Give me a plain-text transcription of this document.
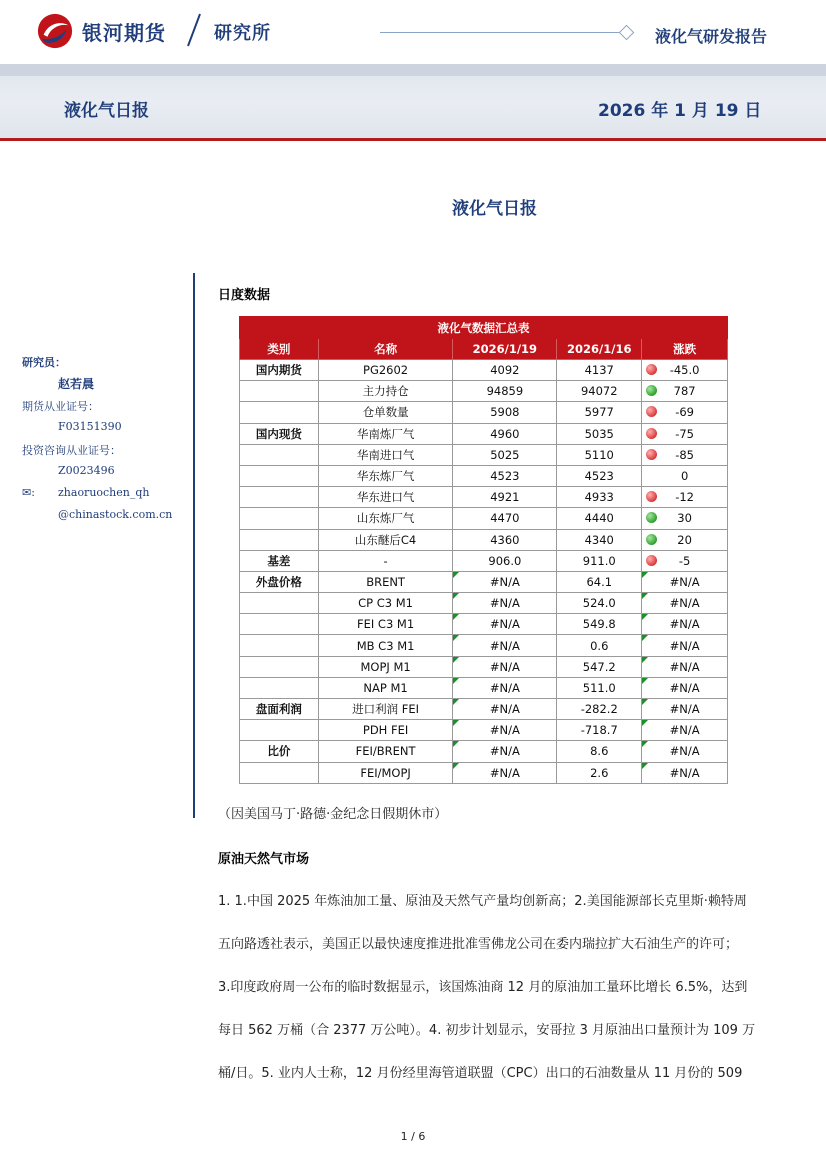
银河期货	研究所	液化气研发报告
液化气日报	2026 年 1 月 19 日
液化气日报
研究员：
赵若晨
期货从业证号：
F03151390
投资咨询从业证号：
Z0023496
✉: zhaoruochen_qh
@chinastock.com.cn
日度数据
液化气数据汇总表				
类别	名称	2026/1/19	2026/1/16	涨跌
国内期货	PG2602	4092	4137	-45.0

	主力持仓	94859	94072	787

	仓单数量	5908	5977	-69

国内现货	华南炼厂气	4960	5035	-75

	华南进口气	5025	5110	-85

	华东炼厂气	4523	4523	0
	华东进口气	4921	4933	-12

	山东炼厂气	4470	4440	30

	山东醚后C4	4360	4340	20

基差	-	906.0	911.0	-5

外盘价格	BRENT	#N/A	64.1	#N/A

	CP C3 M1	#N/A	524.0	#N/A

	FEI C3 M1	#N/A	549.8	#N/A

	MB C3 M1	#N/A	0.6	#N/A

	MOPJ M1	#N/A	547.2	#N/A

	NAP M1	#N/A	511.0	#N/A

盘面利润	进口利润 FEI	#N/A	-282.2	#N/A

	PDH FEI	#N/A	-718.7	#N/A

比价	FEI/BRENT	#N/A	8.6	#N/A

	FEI/MOPJ	#N/A	2.6	#N/A
（因美国马丁·路德·金纪念日假期休市）
原油天然气市场
1. 1.中国 2025 年炼油加工量、原油及天然气产量均创新高；2.美国能源部长克里斯·赖特周
五向路透社表示，美国正以最快速度推进批准雪佛龙公司在委内瑞拉扩大石油生产的许可；
3.印度政府周一公布的临时数据显示，该国炼油商 12 月的原油加工量环比增长 6.5%，达到
每日 562 万桶（合 2377 万公吨）。4. 初步计划显示，安哥拉 3 月原油出口量预计为 109 万
桶/日。5. 业内人士称，12 月份经里海管道联盟（CPC）出口的石油数量从 11 月份的 509
1 / 6
